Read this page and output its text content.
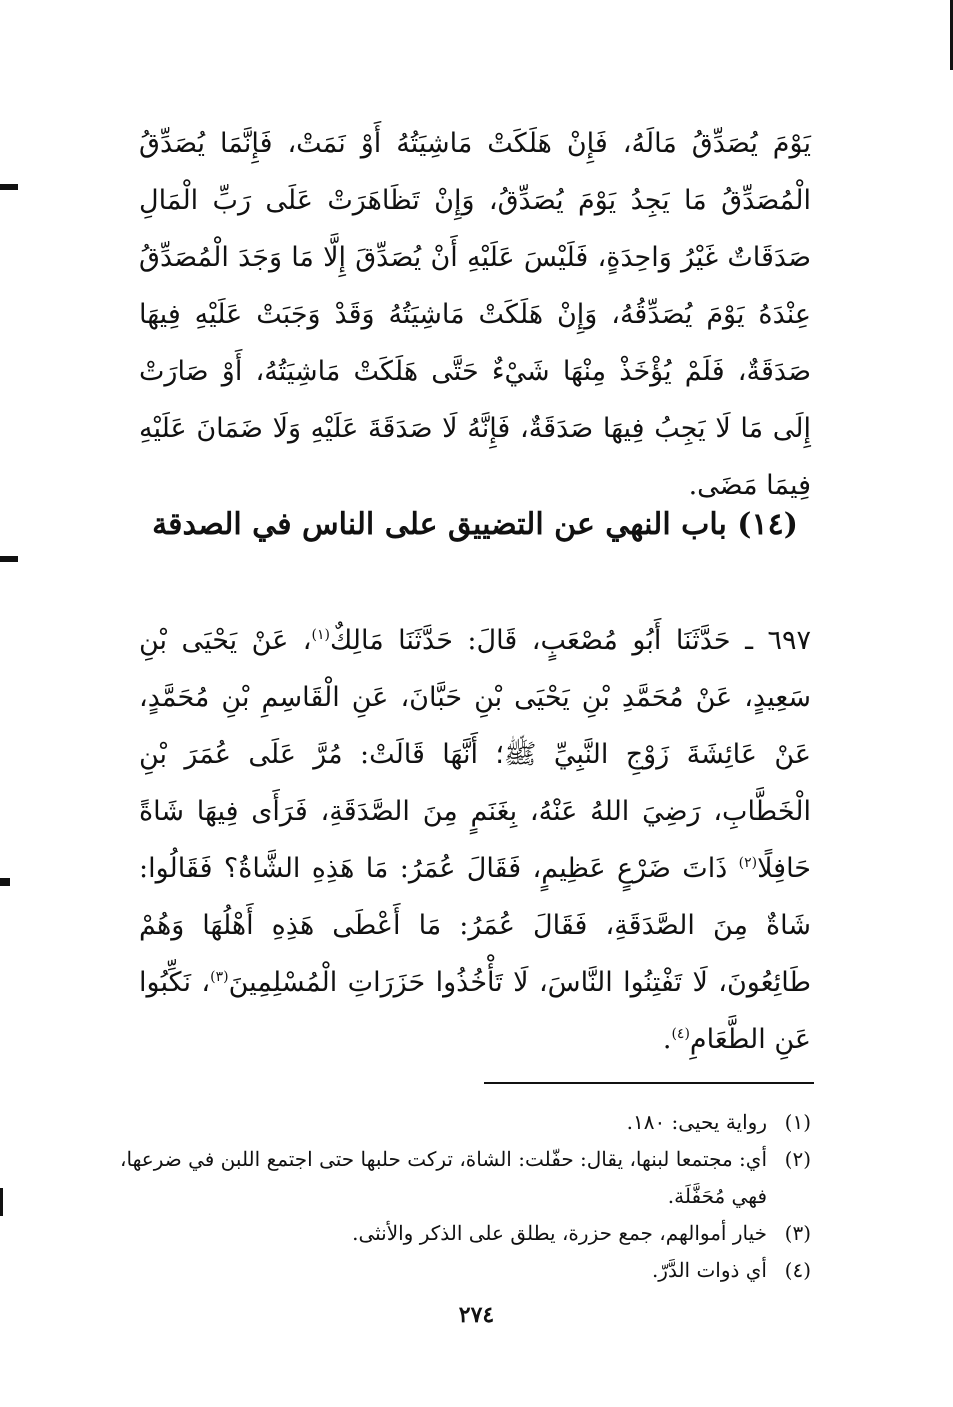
يَوْمَ يُصَدِّقُ مَالَهُ، فَإِنْ هَلَكَتْ مَاشِيَتُهُ أَوْ نَمَتْ، فَإِنَّمَا يُصَدِّقُ الْمُصَدِّقُ مَا يَجِدُ يَوْمَ يُصَدِّقُ، وَإِنْ تَظَاهَرَتْ عَلَى رَبِّ الْمَالِ صَدَقَاتٌ غَيْرُ وَاحِدَةٍ، فَلَيْسَ عَلَيْهِ أَنْ يُصَدِّقَ إِلَّا مَا وَجَدَ الْمُصَدِّقُ عِنْدَهُ يَوْمَ يُصَدِّقُهُ، وَإِنْ هَلَكَتْ مَاشِيَتُهُ وَقَدْ وَجَبَتْ عَلَيْهِ فِيهَا صَدَقَةٌ، فَلَمْ يُؤْخَذْ مِنْهَا شَيْءٌ حَتَّى هَلَكَتْ مَاشِيَتُهُ، أَوْ صَارَتْ إِلَى مَا لَا يَجِبُ فِيهَا صَدَقَةٌ، فَإِنَّهُ لَا صَدَقَةَ عَلَيْهِ وَلَا ضَمَانَ عَلَيْهِ فِيمَا مَضَى.
(١٤) باب النهي عن التضييق على الناس في الصدقة
٦٩٧ ـ حَدَّثَنَا أَبُو مُصْعَبٍ، قَالَ: حَدَّثَنَا مَالِكٌ$^{(١)}$، عَنْ يَحْيَى بْنِ سَعِيدٍ، عَنْ مُحَمَّدِ بْنِ يَحْيَى بْنِ حَبَّانَ، عَنِ الْقَاسِمِ بْنِ مُحَمَّدٍ، عَنْ عَائِشَةَ زَوْجِ النَّبِيِّ ﷺ؛ أَنَّهَا قَالَتْ: مُرَّ عَلَى عُمَرَ بْنِ الْخَطَّابِ، رَضِيَ اللهُ عَنْهُ، بِغَنَمٍ مِنَ الصَّدَقَةِ، فَرَأَى فِيهَا شَاةً حَافِلًا$^{(٢)}$ ذَاتَ ضَرْعٍ عَظِيمٍ، فَقَالَ عُمَرُ: مَا هَذِهِ الشَّاةُ؟ فَقَالُوا: شَاةٌ مِنَ الصَّدَقَةِ، فَقَالَ عُمَرُ: مَا أَعْطَى هَذِهِ أَهْلُهَا وَهُمْ طَائِعُونَ، لَا تَفْتِنُوا النَّاسَ، لَا تَأْخُذُوا حَزَرَاتِ الْمُسْلِمِينَ$^{(٣)}$، نَكِّبُوا عَنِ الطَّعَامِ$^{(٤)}$.
(١)
رواية يحيى: ١٨٠.
(٢)
أي: مجتمعا لبنها، يقال: حفّلت: الشاة، تركت حلبها حتى اجتمع اللبن في ضرعها، فهي مُحَفَّلَة.
(٣)
خيار أموالهم، جمع حزرة، يطلق على الذكر والأنثى.
(٤)
أي ذوات الدَّرّ.
٢٧٤
